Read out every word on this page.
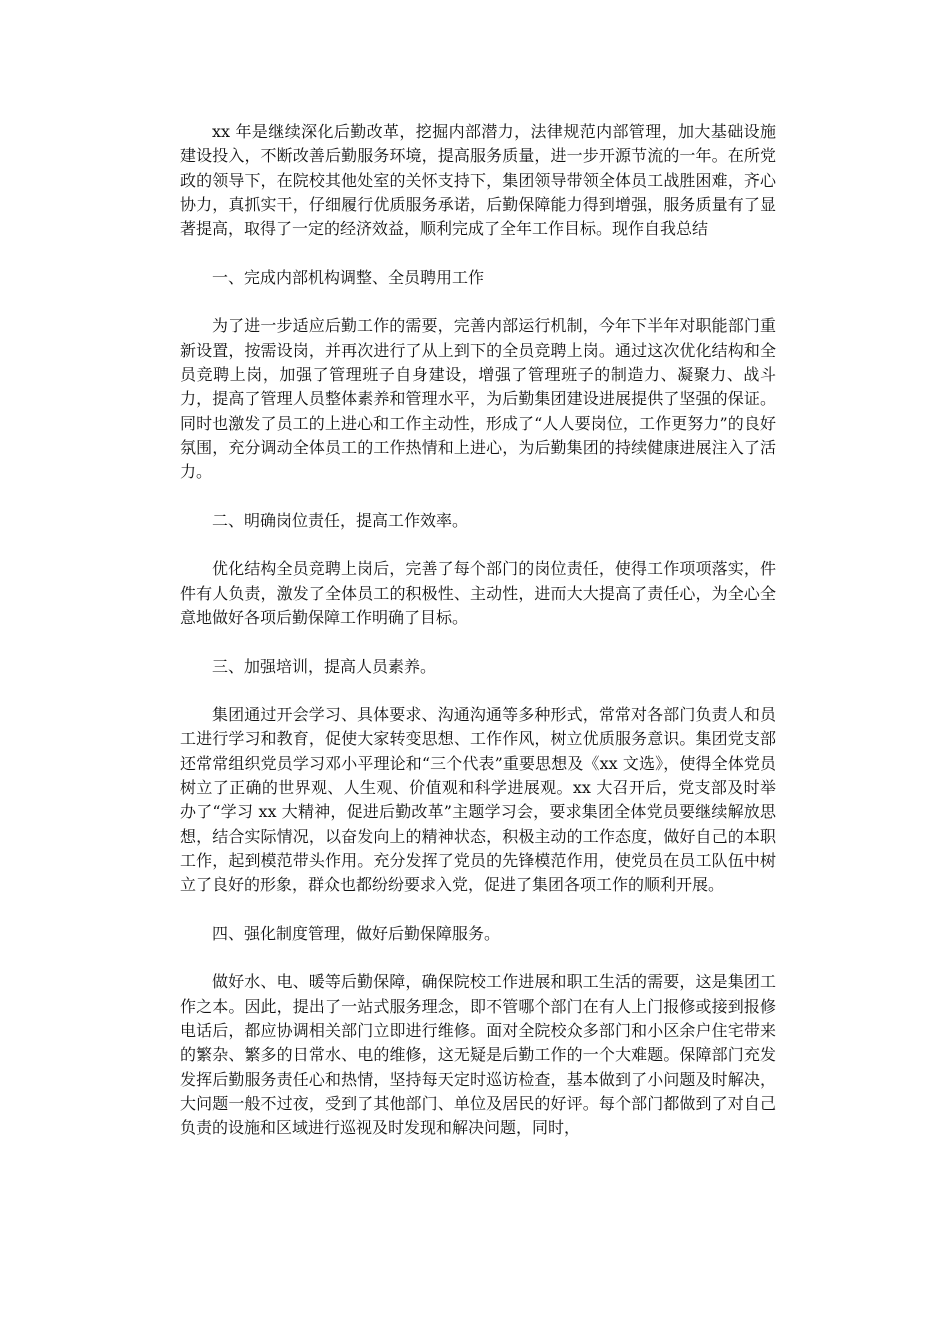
xx 年是继续深化后勤改革，挖掘内部潜力，法律规范内部管理，加大基础设施建设投入，不断改善后勤服务环境，提高服务质量，进一步开源节流的一年。在所党政的领导下，在院校其他处室的关怀支持下，集团领导带领全体员工战胜困难，齐心协力，真抓实干，仔细履行优质服务承诺，后勤保障能力得到增强，服务质量有了显著提高，取得了一定的经济效益，顺利完成了全年工作目标。现作自我总结

一、完成内部机构调整、全员聘用工作

为了进一步适应后勤工作的需要，完善内部运行机制，今年下半年对职能部门重新设置，按需设岗，并再次进行了从上到下的全员竞聘上岗。通过这次优化结构和全员竞聘上岗，加强了管理班子自身建设，增强了管理班子的制造力、凝聚力、战斗力，提高了管理人员整体素养和管理水平，为后勤集团建设进展提供了坚强的保证。同时也激发了员工的上进心和工作主动性，形成了“人人要岗位，工作更努力”的良好氛围，充分调动全体员工的工作热情和上进心，为后勤集团的持续健康进展注入了活力。

二、明确岗位责任，提高工作效率。

优化结构全员竞聘上岗后，完善了每个部门的岗位责任，使得工作项项落实，件件有人负责，激发了全体员工的积极性、主动性，进而大大提高了责任心，为全心全意地做好各项后勤保障工作明确了目标。

三、加强培训，提高人员素养。

集团通过开会学习、具体要求、沟通沟通等多种形式，常常对各部门负责人和员工进行学习和教育，促使大家转变思想、工作作风，树立优质服务意识。集团党支部还常常组织党员学习邓小平理论和“三个代表”重要思想及《xx 文选》，使得全体党员树立了正确的世界观、人生观、价值观和科学进展观。xx 大召开后，党支部及时举办了“学习 xx 大精神，促进后勤改革”主题学习会，要求集团全体党员要继续解放思想，结合实际情况，以奋发向上的精神状态，积极主动的工作态度，做好自己的本职工作，起到模范带头作用。充分发挥了党员的先锋模范作用，使党员在员工队伍中树立了良好的形象，群众也都纷纷要求入党，促进了集团各项工作的顺利开展。

四、强化制度管理，做好后勤保障服务。

做好水、电、暖等后勤保障，确保院校工作进展和职工生活的需要，这是集团工作之本。因此，提出了一站式服务理念，即不管哪个部门在有人上门报修或接到报修电话后，都应协调相关部门立即进行维修。面对全院校众多部门和小区余户住宅带来的繁杂、繁多的日常水、电的维修，这无疑是后勤工作的一个大难题。保障部门充发发挥后勤服务责任心和热情，坚持每天定时巡访检查，基本做到了小问题及时解决，大问题一般不过夜，受到了其他部门、单位及居民的好评。每个部门都做到了对自己负责的设施和区域进行巡视及时发现和解决问题，同时，
